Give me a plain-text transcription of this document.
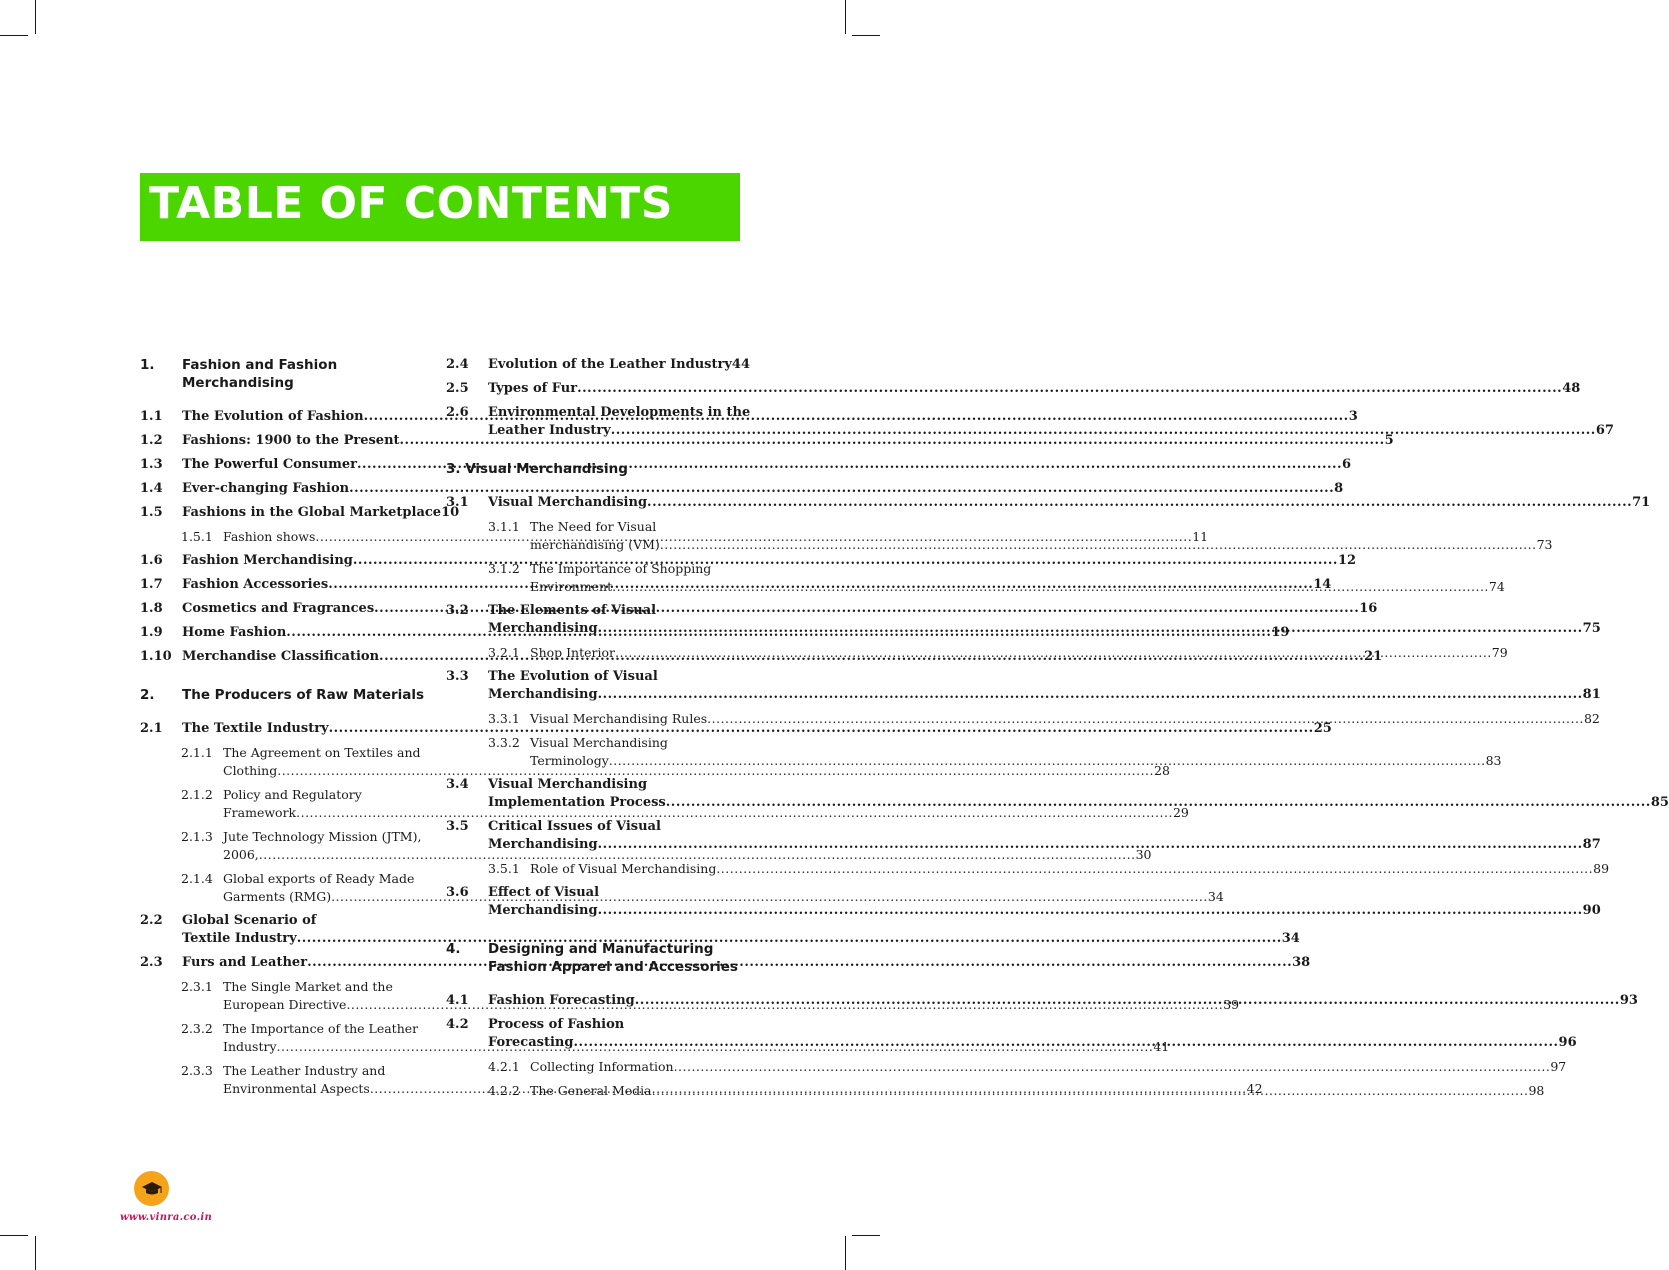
TABLE OF CONTENTS
1. Fashion and Fashion
Merchandising
1.1 The Evolution of Fashion .....	3
1.2 Fashions: 1900 to the Present .....	5
1.3 The Powerful Consumer .....	6
1.4 Ever-changing Fashion .....	8
1.5 Fashions in the Global Marketplace 10
1.5.1 Fashion shows .....	11
1.6 Fashion Merchandising .....	12
1.7 Fashion Accessories .....	14
1.8 Cosmetics and Fragrances .....	16
1.9 Home Fashion .....	19
1.10 Merchandise Classification .....	21
2. The Producers of Raw Materials
2.1 The Textile Industry .....	25
2.1.1 The Agreement on Textiles and
Clothing .....	28
2.1.2 Policy and Regulatory
Framework .....	29
2.1.3 Jute Technology Mission (JTM),
2006, .....	30
2.1.4 Global exports of Ready Made
Garments (RMG) .....	34
2.2 Global Scenario of
Textile Industry .....	34
2.3 Furs and Leather .....	38
2.3.1 The Single Market and the
European Directive .....	39
2.3.2 The Importance of the Leather
Industry .....	41
2.3.3 The Leather Industry and
Environmental Aspects .....	42
2.4 Evolution of the Leather Industry 44
2.5 Types of Fur .....	48
2.6 Environmental Developments in the
Leather Industry .....	67
3. Visual Merchandising
3.1 Visual Merchandising .....	71
3.1.1 The Need for Visual
merchandising (VM) .....	73
3.1.2 The Importance of Shopping
Environment .....	74
3.2 The Elements of Visual
Merchandising .....	75
3.2.1 Shop Interior .....	79
3.3 The Evolution of Visual
Merchandising .....	81
3.3.1 Visual Merchandising Rules .....	82
3.3.2 Visual Merchandising
Terminology .....	83
3.4 Visual Merchandising
Implementation Process .....	85
3.5 Critical Issues of Visual
Merchandising .....	87
3.5.1 Role of Visual Merchandising .....	89
3.6 Effect of Visual
Merchandising .....	90
4. Designing and Manufacturing
Fashion Apparel and Accessories
4.1 Fashion Forecasting .....	93
4.2 Process of Fashion
Forecasting .....	96
4.2.1 Collecting Information .....	97
4.2.2 The General Media .....	98
www.vinra.co.in
